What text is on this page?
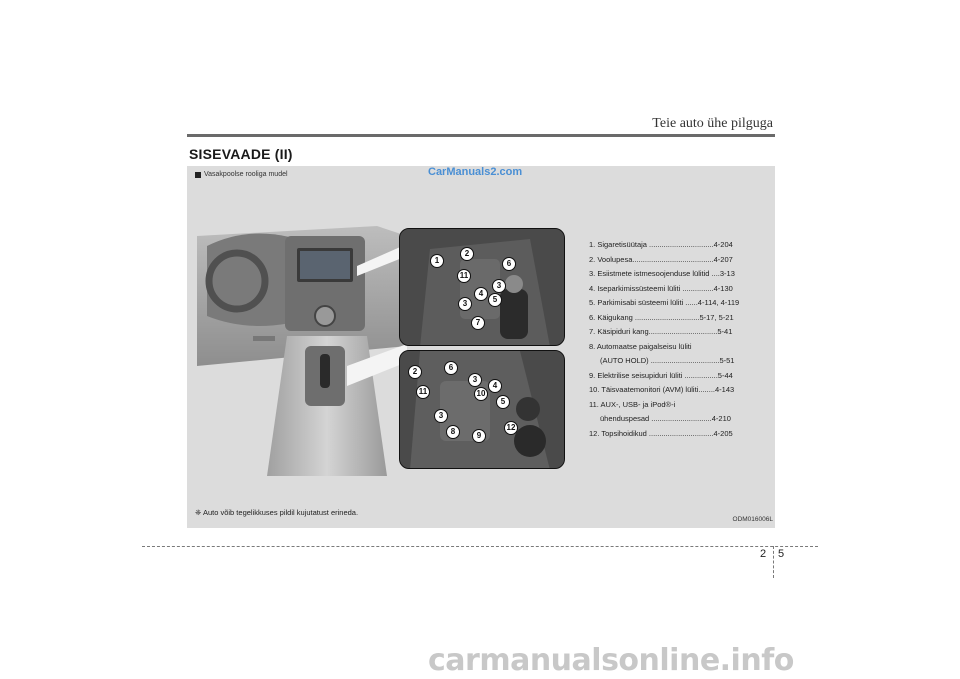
Teie auto ühe pilguga
SISEVAADE (II)
Vasakpoolse rooliga mudel	CarManuals2.com
1
2
11
4
3
6
5
3
7
2	6
11
3
4
10
5
3
8	9
12
1. Sigaretisüütaja ...............................4-204
2. Voolupesa.......................................4-207
3. Esiistmete istmesoojenduse lülitid ....3-13
4. Iseparkimissüsteemi lüliti ...............4-130
5. Parkimisabi süsteemi lüliti ......4-114, 4-119
6. Käigukang ...............................5-17, 5-21
7. Käsipiduri kang.................................5-41
8. Automaatse paigalseisu lüliti
(AUTO HOLD) .................................5-51
9. Elektrilise seisupiduri lüliti ................5-44
10. Täisvaatemonitori (AVM) lüliti........4-143
11. AUX-, USB- ja iPod®-i
ühenduspesad .............................4-210
12. Topsihoidikud ...............................4-205
❈ Auto võib tegelikkuses pildil kujutatust erineda.
ODM016006L
2 5
carmanualsonline.info
